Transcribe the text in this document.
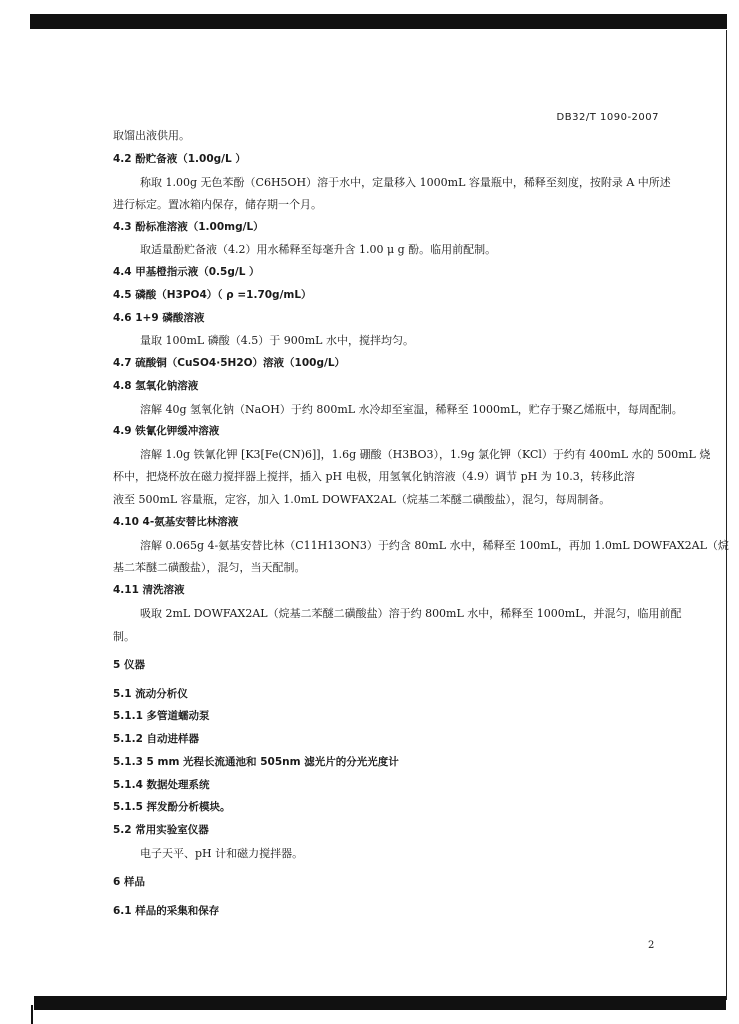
DB32/T 1090-2007
取馏出液供用。
4.2 酚贮备液（1.00g/L ）
称取 1.00g 无色苯酚（C6H5OH）溶于水中，定量移入 1000mL 容量瓶中，稀释至刻度，按附录 A 中所述
进行标定。置冰箱内保存，储存期一个月。
4.3 酚标准溶液（1.00mg/L）
取适量酚贮备液（4.2）用水稀释至每毫升含 1.00 μ g 酚。临用前配制。
4.4 甲基橙指示液（0.5g/L ）
4.5 磷酸（H3PO4）（ ρ =1.70g/mL）
4.6 1+9 磷酸溶液
量取 100mL 磷酸（4.5）于 900mL 水中，搅拌均匀。
4.7 硫酸铜（CuSO4·5H2O）溶液（100g/L）
4.8 氢氧化钠溶液
溶解 40g 氢氧化钠（NaOH）于约 800mL 水冷却至室温，稀释至 1000mL，贮存于聚乙烯瓶中，每周配制。
4.9 铁氰化钾缓冲溶液
溶解 1.0g 铁氰化钾 [K3[Fe(CN)6]]，1.6g 硼酸（H3BO3），1.9g 氯化钾（KCl）于约有 400mL 水的 500mL 烧
杯中，把烧杯放在磁力搅拌器上搅拌，插入 pH 电极，用氢氧化钠溶液（4.9）调节 pH 为 10.3，转移此溶
液至 500mL 容量瓶，定容，加入 1.0mL DOWFAX2AL（烷基二苯醚二磺酸盐），混匀，每周制备。
4.10 4-氨基安替比林溶液
溶解 0.065g 4-氨基安替比林（C11H13ON3）于约含 80mL 水中，稀释至 100mL，再加 1.0mL DOWFAX2AL（烷
基二苯醚二磺酸盐），混匀，当天配制。
4.11 清洗溶液
吸取 2mL DOWFAX2AL（烷基二苯醚二磺酸盐）溶于约 800mL 水中，稀释至 1000mL，并混匀，临用前配
制。
5 仪器
5.1 流动分析仪
5.1.1 多管道蠕动泵
5.1.2 自动进样器
5.1.3 5 mm 光程长流通池和 505nm 滤光片的分光光度计
5.1.4 数据处理系统
5.1.5 挥发酚分析模块。
5.2 常用实验室仪器
电子天平、pH 计和磁力搅拌器。
6 样品
6.1 样品的采集和保存
2
